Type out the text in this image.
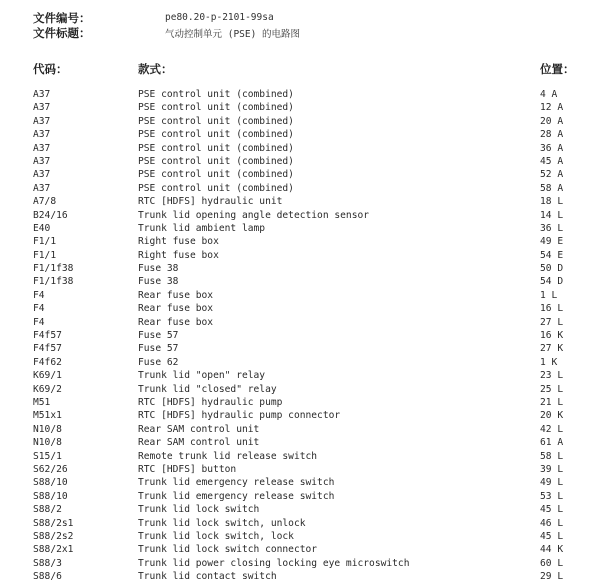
文件编号：	pe80.20-p-2101-99sa
文件标题：	气动控制单元 (PSE) 的电路图
代码：	款式：	位置：
A37	PSE control unit (combined)	4 A
A37	PSE control unit (combined)	12 A
A37	PSE control unit (combined)	20 A
A37	PSE control unit (combined)	28 A
A37	PSE control unit (combined)	36 A
A37	PSE control unit (combined)	45 A
A37	PSE control unit (combined)	52 A
A37	PSE control unit (combined)	58 A
A7/8	RTC [HDFS] hydraulic unit	18 L
B24/16	Trunk lid opening angle detection sensor	14 L
E40	Trunk lid ambient lamp	36 L
F1/1	Right fuse box	49 E
F1/1	Right fuse box	54 E
F1/1f38	Fuse 38	50 D
F1/1f38	Fuse 38	54 D
F4	Rear fuse box	1 L
F4	Rear fuse box	16 L
F4	Rear fuse box	27 L
F4f57	Fuse 57	16 K
F4f57	Fuse 57	27 K
F4f62	Fuse 62	1 K
K69/1	Trunk lid "open" relay	23 L
K69/2	Trunk lid "closed" relay	25 L
M51	RTC [HDFS] hydraulic pump	21 L
M51x1	RTC [HDFS] hydraulic pump connector	20 K
N10/8	Rear SAM control unit	42 L
N10/8	Rear SAM control unit	61 A
S15/1	Remote trunk lid release switch	58 L
S62/26	RTC [HDFS] button	39 L
S88/10	Trunk lid emergency release switch	49 L
S88/10	Trunk lid emergency release switch	53 L
S88/2	Trunk lid lock switch	45 L
S88/2s1	Trunk lid lock switch, unlock	46 L
S88/2s2	Trunk lid lock switch, lock	45 L
S88/2x1	Trunk lid lock switch connector	44 K
S88/3	Trunk lid power closing locking eye microswitch	60 L
S88/6	Trunk lid contact switch	29 L
